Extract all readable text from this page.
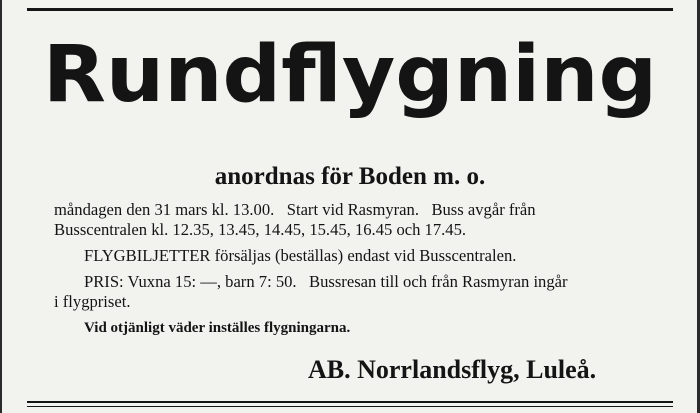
Rundflygning
anordnas för Boden m. o.
måndagen den 31 mars kl. 13.00.   Start vid Rasmyran.   Buss avgår från
Busscentralen kl. 12.35, 13.45, 14.45, 15.45, 16.45 och 17.45.
FLYGBILJETTER försäljas (beställas) endast vid Busscentralen.
PRIS: Vuxna 15: —, barn 7: 50.   Bussresan till och från Rasmyran ingår
i flygpriset.
Vid otjänligt väder inställes flygningarna.
AB. Norrlandsflyg, Luleå.
